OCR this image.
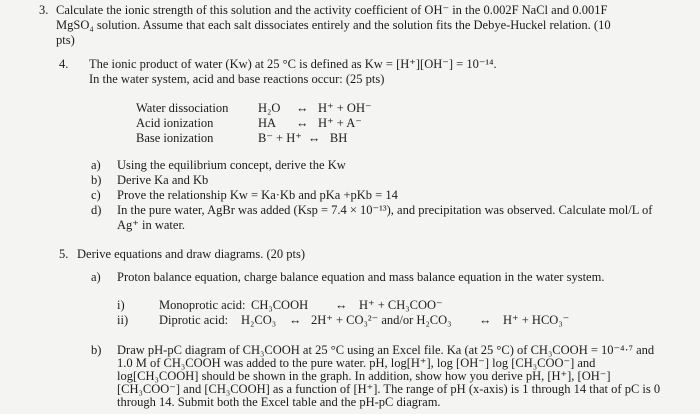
3. Calculate the ionic strength of this solution and the activity coefficient of OH⁻ in the 0.002F NaCl and 0.001F
MgSO₄ solution. Assume that each salt dissociates entirely and the solution fits the Debye-Huckel relation. (10
pts)
4. The ionic product of water (Kw) at 25 °C is defined as Kw = [H⁺][OH⁻] = 10⁻¹⁴.
In the water system, acid and base reactions occur: (25 pts)
Water dissociation H₂O ↔ H⁺ + OH⁻
Acid ionization	HA ↔ H⁺ + A⁻
Base ionization	B⁻ + H⁺ ↔ BH
a) Using the equilibrium concept, derive the Kw
b) Derive Ka and Kb
c) Prove the relationship Kw = Ka·Kb and pKa +pKb = 14
d) In the pure water, AgBr was added (Ksp = 7.4 × 10⁻¹³), and precipitation was observed. Calculate mol/L of
Ag⁺ in water.
5. Derive equations and draw diagrams. (20 pts)
a) Proton balance equation, charge balance equation and mass balance equation in the water system.
i)	Monoprotic acid: CH₃COOH ↔ H⁺ + CH₃COO⁻
ii) Diprotic acid: H₂CO₃ ↔ 2H⁺ + CO₃²⁻ and/or H₂CO₃ ↔ H⁺ + HCO₃⁻
b) Draw pH-pC diagram of CH₃COOH at 25 °C using an Excel file. Ka (at 25 °C) of CH₃COOH = 10⁻⁴·⁷ and
1.0 M of CH₃COOH was added to the pure water. pH, log[H⁺], log [OH⁻] log [CH₃COO⁻] and
log[CH₃COOH] should be shown in the graph. In addition, show how you derive pH, [H⁺], [OH⁻]
[CH₃COO⁻] and [CH₃COOH] as a function of [H⁺]. The range of pH (x-axis) is 1 through 14 that of pC is 0
through 14. Submit both the Excel table and the pH-pC diagram.
